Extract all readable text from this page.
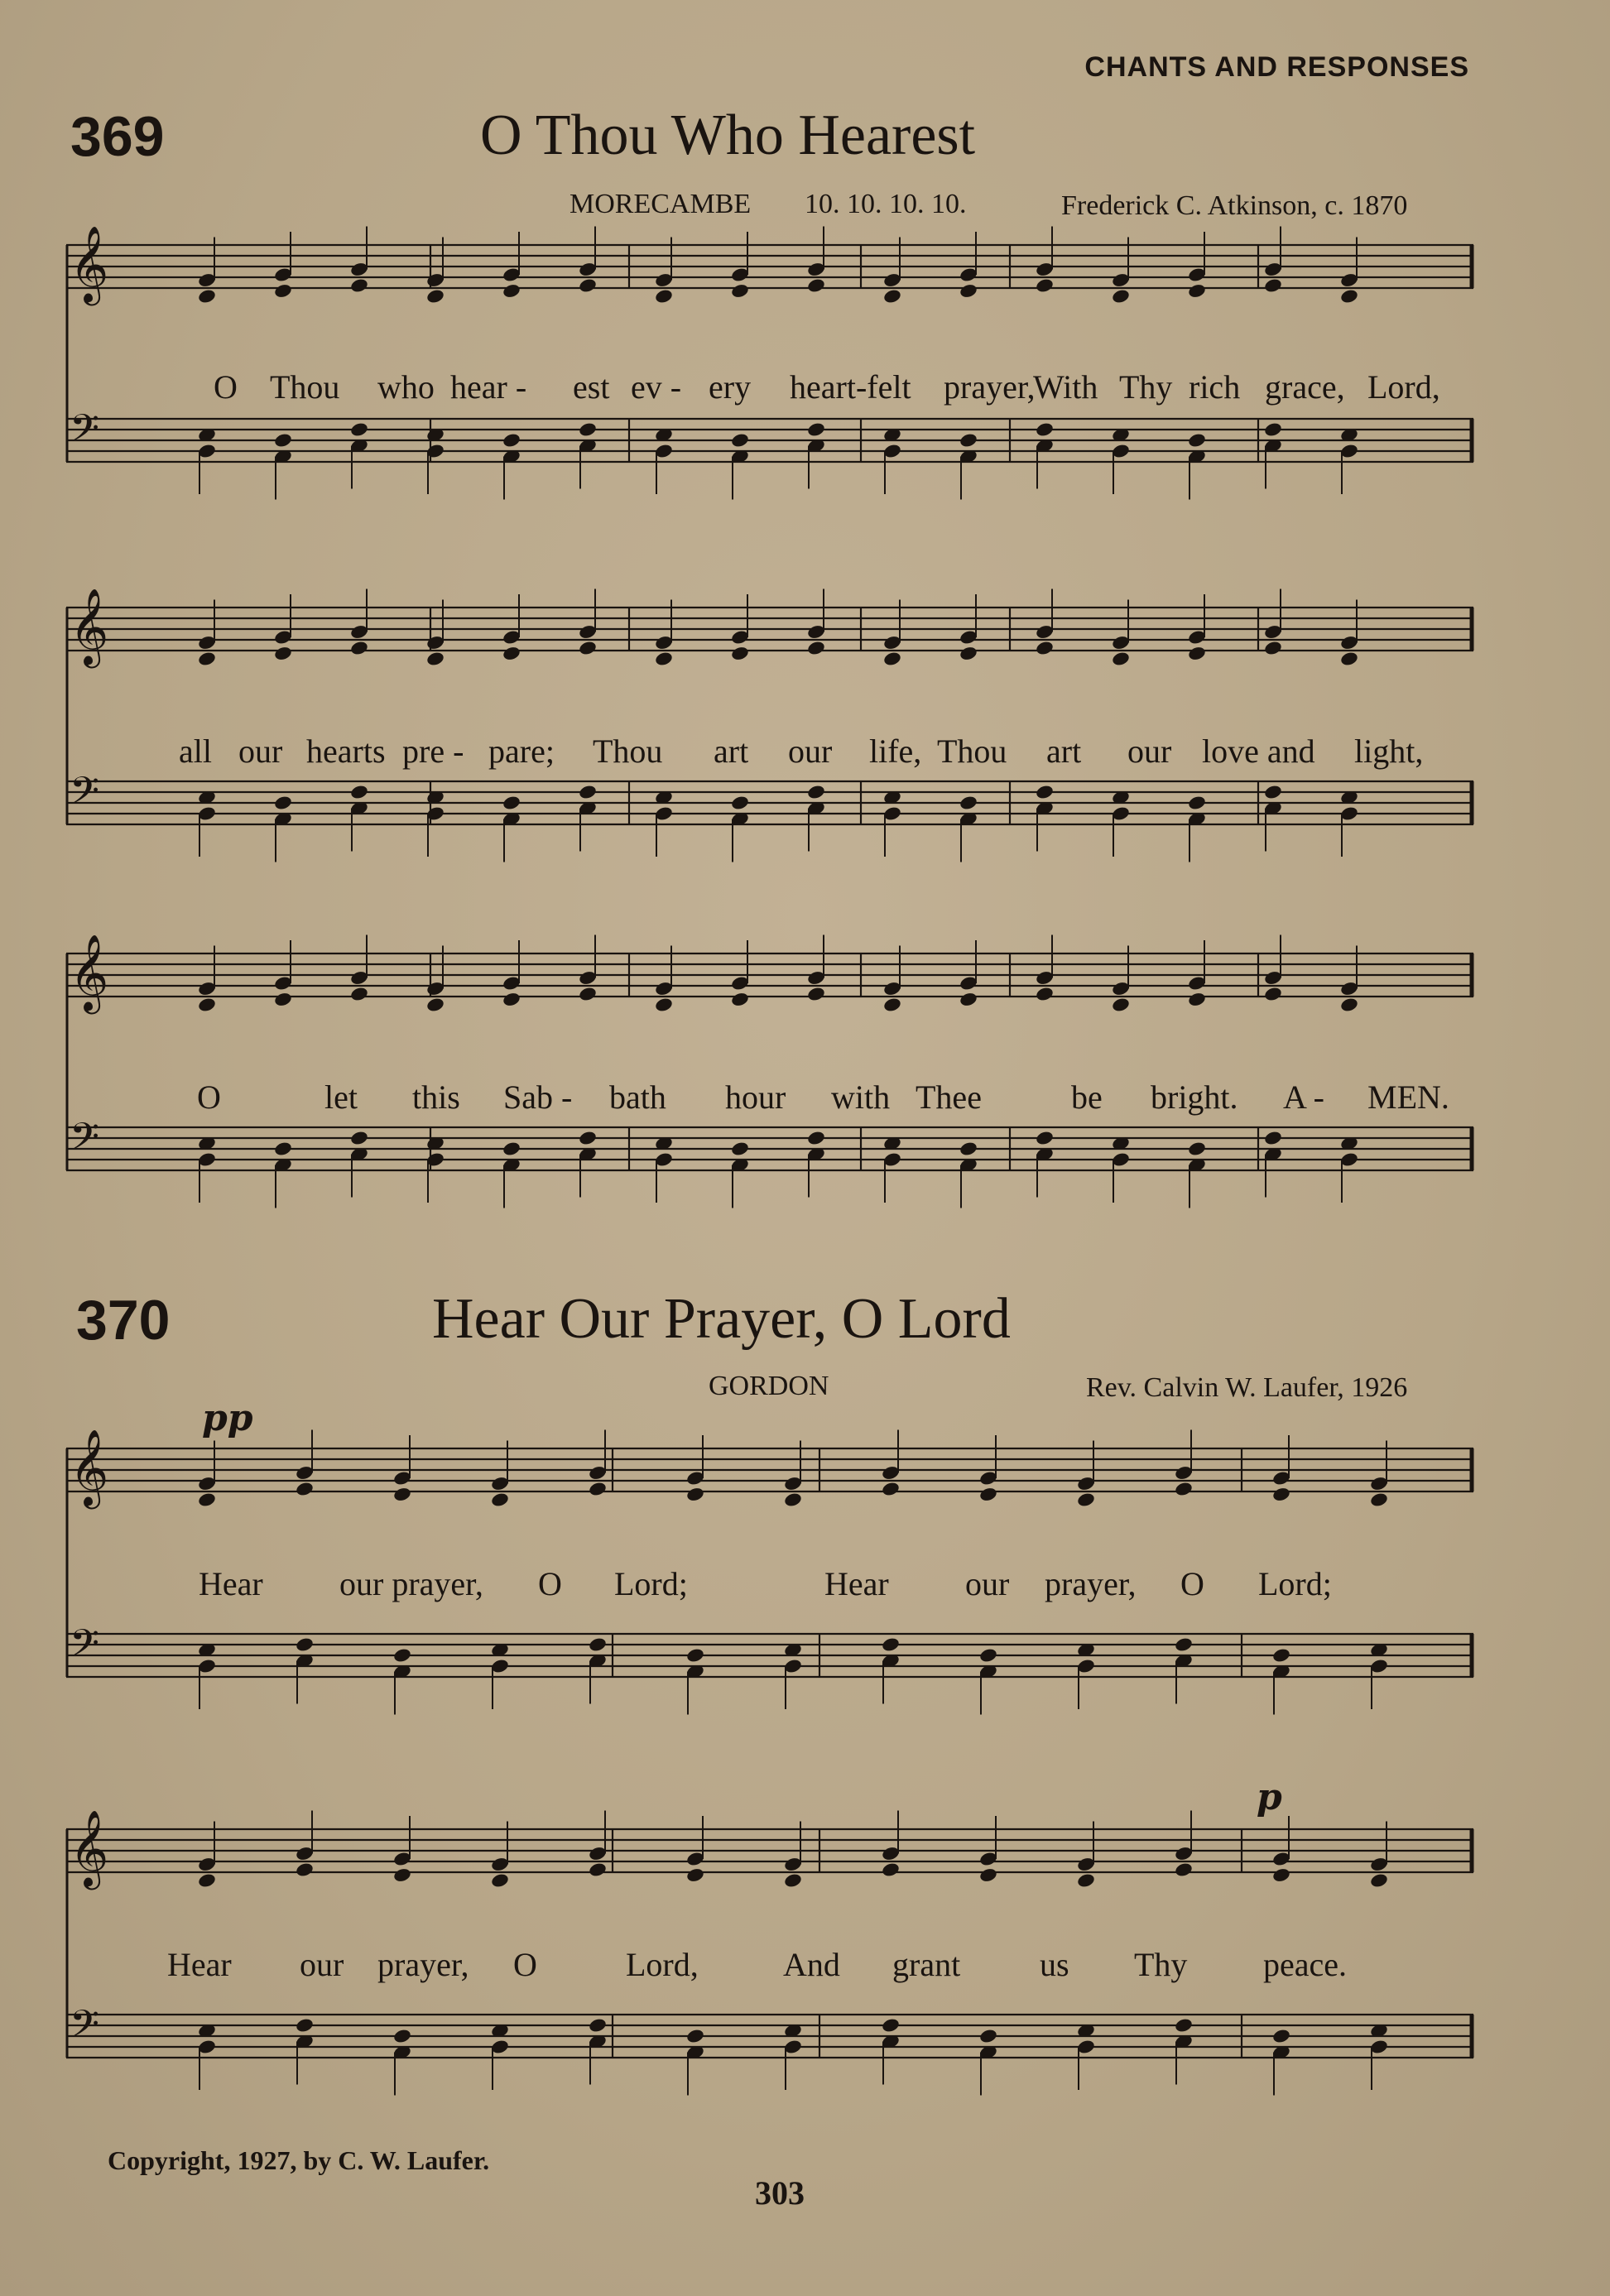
CHANTS AND RESPONSES
369	O Thou Who Hearest
MORECAMBE 10. 10. 10. 10.	Frederick C. Atkinson, c. 1870
𝄞
𝄢
O Thou who hear - est ev - ery heart-felt prayer,
With Thy rich grace, Lord,
𝄞
𝄢
all our hearts pre - pare; Thou art our life, Thou art our love and light,
𝄞
𝄢
O	let this Sab - bath hour with Thee	be bright. A - MEN.
370	Hear Our Prayer, O Lord
GORDON	Rev. Calvin W. Laufer, 1926
pp
p
𝄞
𝄢
Hear our prayer, O Lord;	Hear our prayer, O Lord;
𝄞
𝄢
Hear our prayer, O	Lord,	And grant us Thy peace.
Copyright, 1927, by C. W. Laufer.
303
